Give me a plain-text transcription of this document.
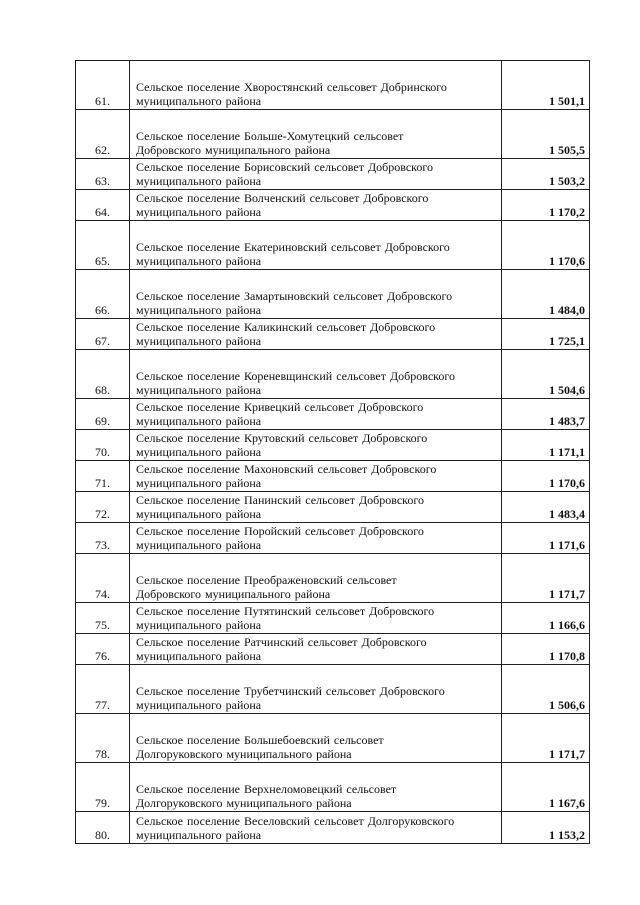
61.	Сельское поселение Хворостянский сельсовет Добринского
муниципального района	1 501,1
62.	Сельское поселение Больше-Хомутецкий сельсовет
Добровского муниципального района	1 505,5
63.	Сельское поселение Борисовский сельсовет Добровского
муниципального района	1 503,2
64.	Сельское поселение Волченский сельсовет Добровского
муниципального района	1 170,2
65.	Сельское поселение Екатериновский сельсовет Добровского
муниципального района	1 170,6
66.	Сельское поселение Замартыновский сельсовет Добровского
муниципального района	1 484,0
67.	Сельское поселение Каликинский сельсовет Добровского
муниципального района	1 725,1
68.	Сельское поселение Кореневщинский сельсовет Добровского
муниципального района	1 504,6
69.	Сельское поселение Кривецкий сельсовет Добровского
муниципального района	1 483,7
70.	Сельское поселение Крутовский сельсовет Добровского
муниципального района	1 171,1
71.	Сельское поселение Махоновский сельсовет Добровского
муниципального района	1 170,6
72.	Сельское поселение Панинский сельсовет Добровского
муниципального района	1 483,4
73.	Сельское поселение Поройский сельсовет Добровского
муниципального района	1 171,6
74.	Сельское поселение Преображеновский сельсовет
Добровского муниципального района	1 171,7
75.	Сельское поселение Путятинский сельсовет Добровского
муниципального района	1 166,6
76.	Сельское поселение Ратчинский сельсовет Добровского
муниципального района	1 170,8
77.	Сельское поселение Трубетчинский сельсовет Добровского
муниципального района	1 506,6
78.	Сельское поселение Большебоевский сельсовет
Долгоруковского муниципального района	1 171,7
79.	Сельское поселение Верхнеломовецкий сельсовет
Долгоруковского муниципального района	1 167,6
80.	Сельское поселение Веселовский сельсовет Долгоруковского
муниципального района	1 153,2
